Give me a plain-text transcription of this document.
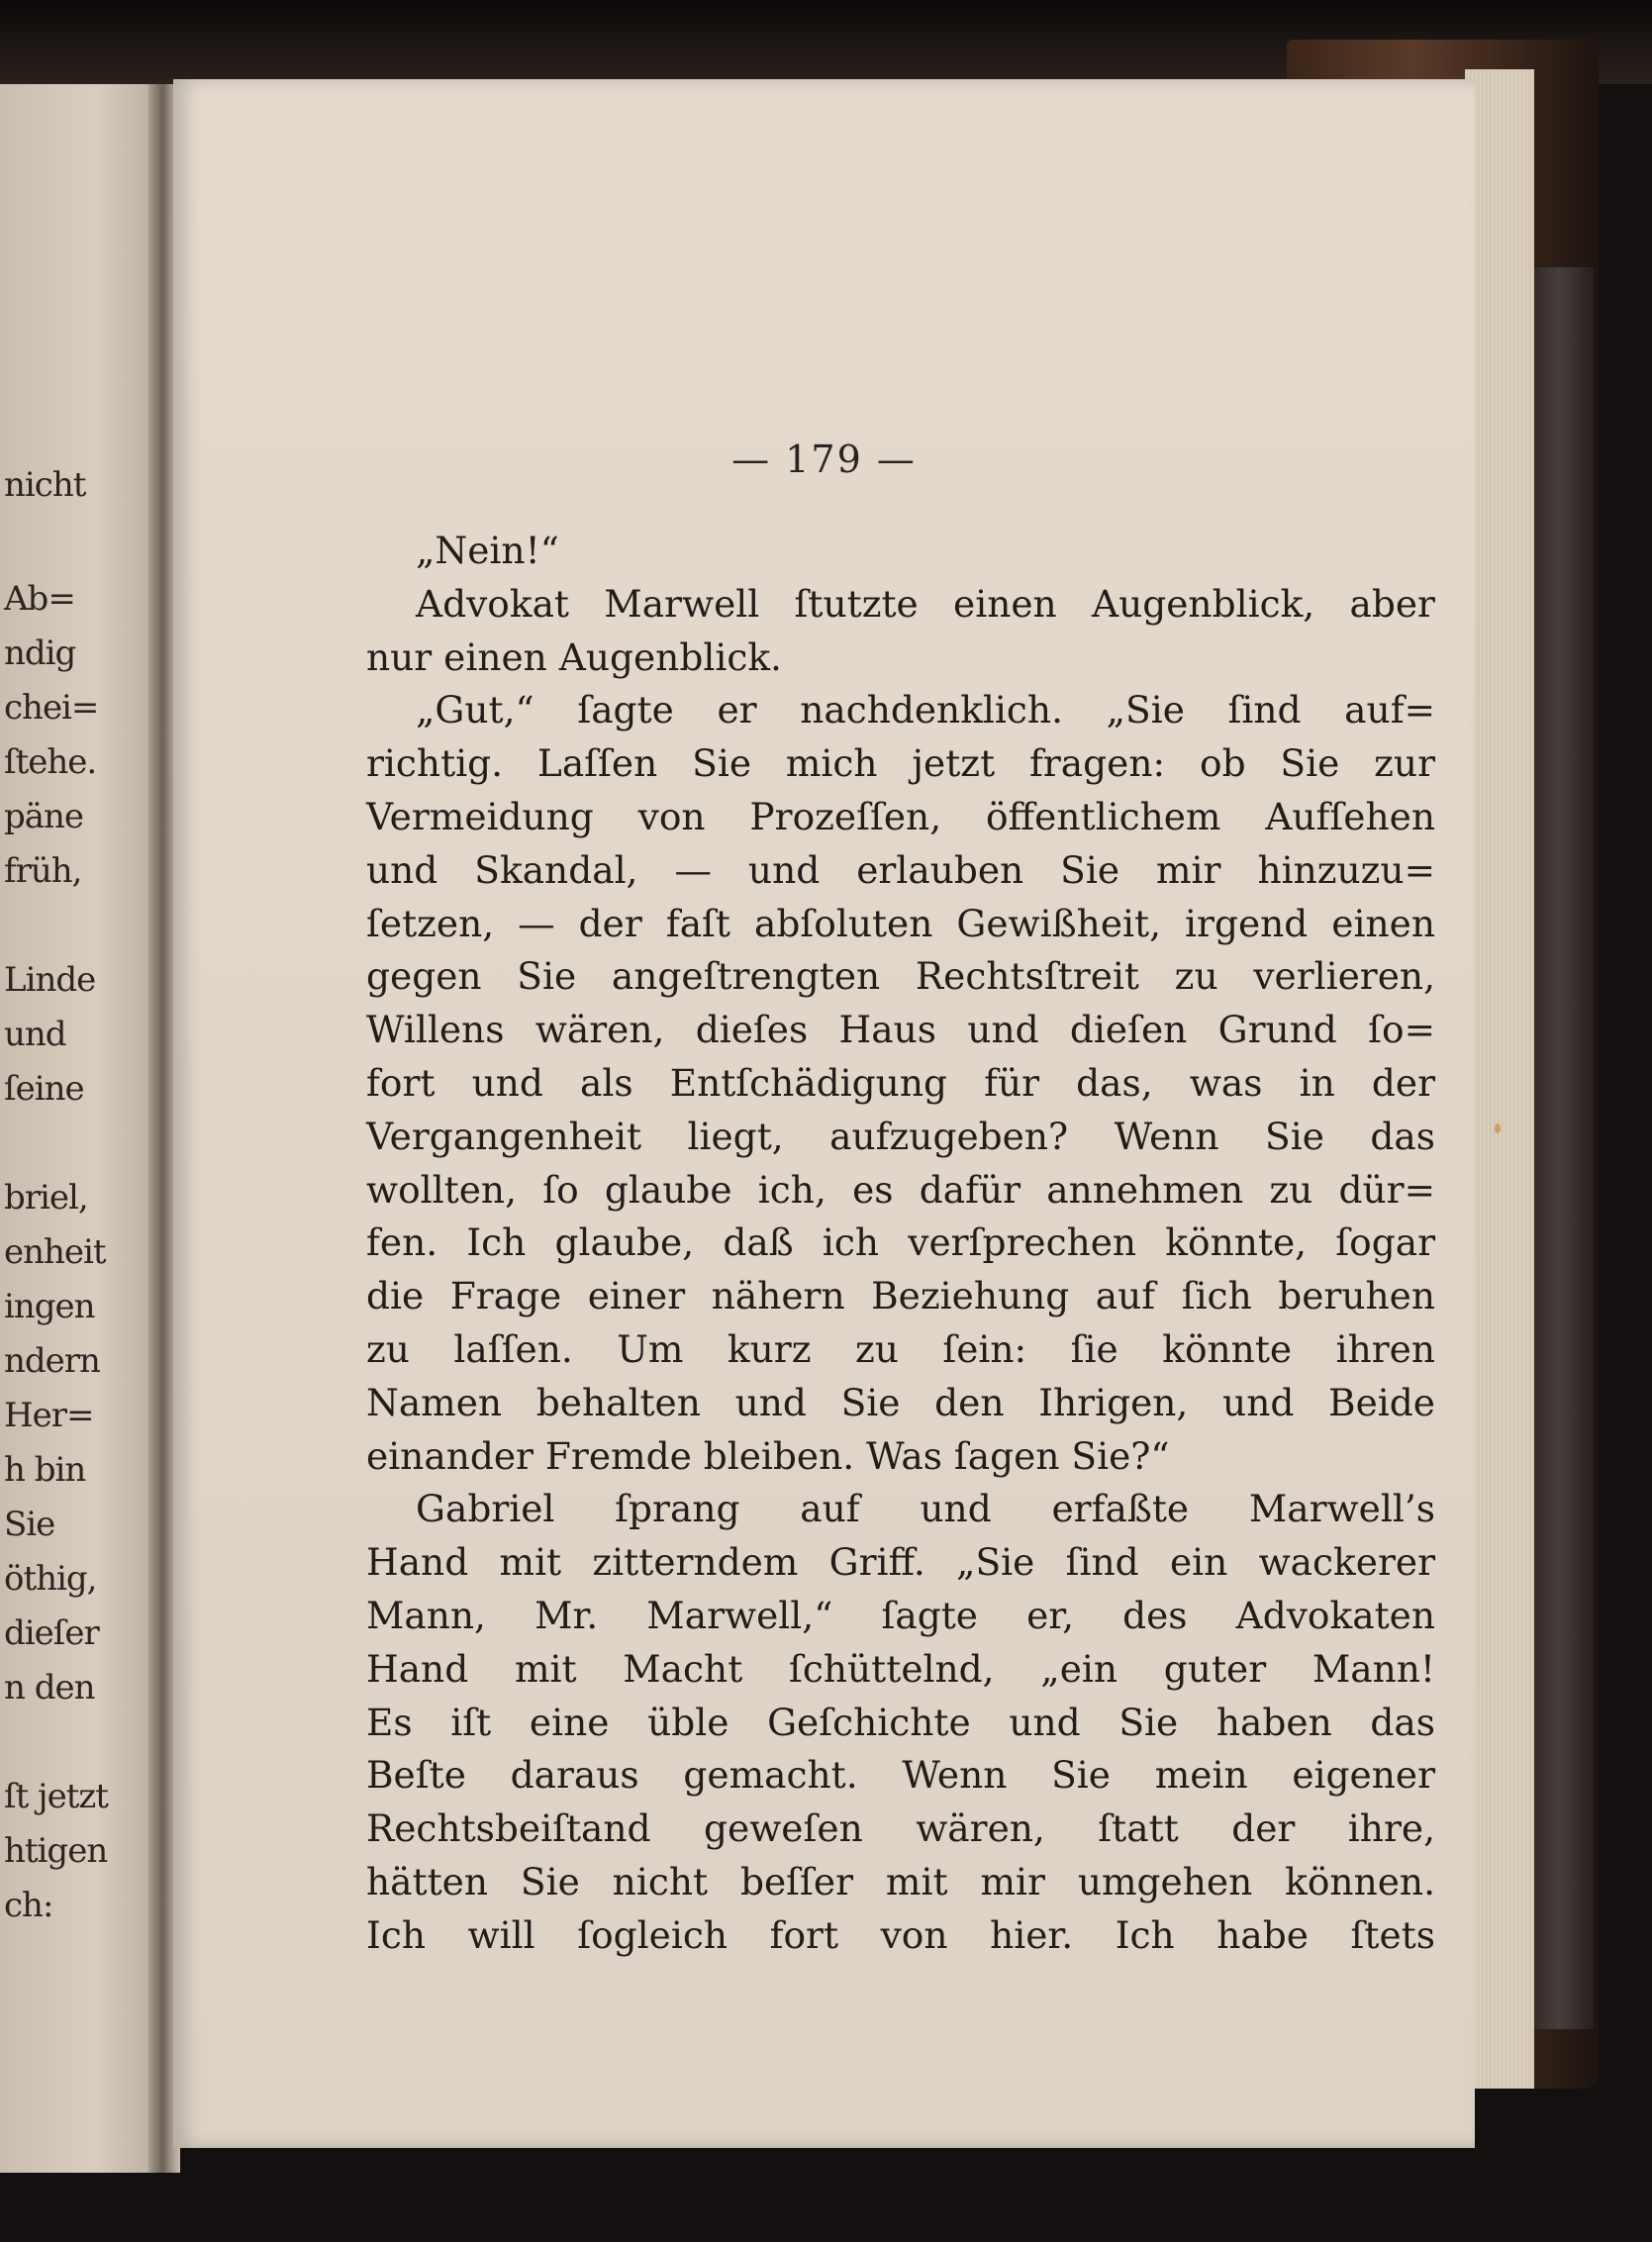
nicht
Ab=
ndig
chei=
ſtehe.
päne
früh,
Linde
und
ſeine
briel,
enheit
ingen
ndern
Her=
h bin
Sie
öthig,
dieſer
n den
ſt jetzt
htigen
ch:
— 179 —
„Nein!“
Advokat Marwell ſtutzte einen Augenblick, aber
nur einen Augenblick.
„Gut,“ ſagte er nachdenklich. „Sie ſind auf=
richtig. Laſſen Sie mich jetzt fragen: ob Sie zur
Vermeidung von Prozeſſen, öffentlichem Aufſehen
und Skandal, — und erlauben Sie mir hinzuzu=
ſetzen, — der faſt abſoluten Gewißheit, irgend einen
gegen Sie angeſtrengten Rechtsſtreit zu verlieren,
Willens wären, dieſes Haus und dieſen Grund ſo=
fort und als Entſchädigung für das, was in der
Vergangenheit liegt, aufzugeben? Wenn Sie das
wollten, ſo glaube ich, es dafür annehmen zu dür=
fen. Ich glaube, daß ich verſprechen könnte, ſogar
die Frage einer nähern Beziehung auf ſich beruhen
zu laſſen. Um kurz zu ſein: ſie könnte ihren
Namen behalten und Sie den Ihrigen, und Beide
einander Fremde bleiben. Was ſagen Sie?“
Gabriel ſprang auf und erfaßte Marwell’s
Hand mit zitterndem Griff. „Sie ſind ein wackerer
Mann, Mr. Marwell,“ ſagte er, des Advokaten
Hand mit Macht ſchüttelnd, „ein guter Mann!
Es iſt eine üble Geſchichte und Sie haben das
Beſte daraus gemacht. Wenn Sie mein eigener
Rechtsbeiſtand geweſen wären, ſtatt der ihre,
hätten Sie nicht beſſer mit mir umgehen können.
Ich will ſogleich fort von hier. Ich habe ſtets
